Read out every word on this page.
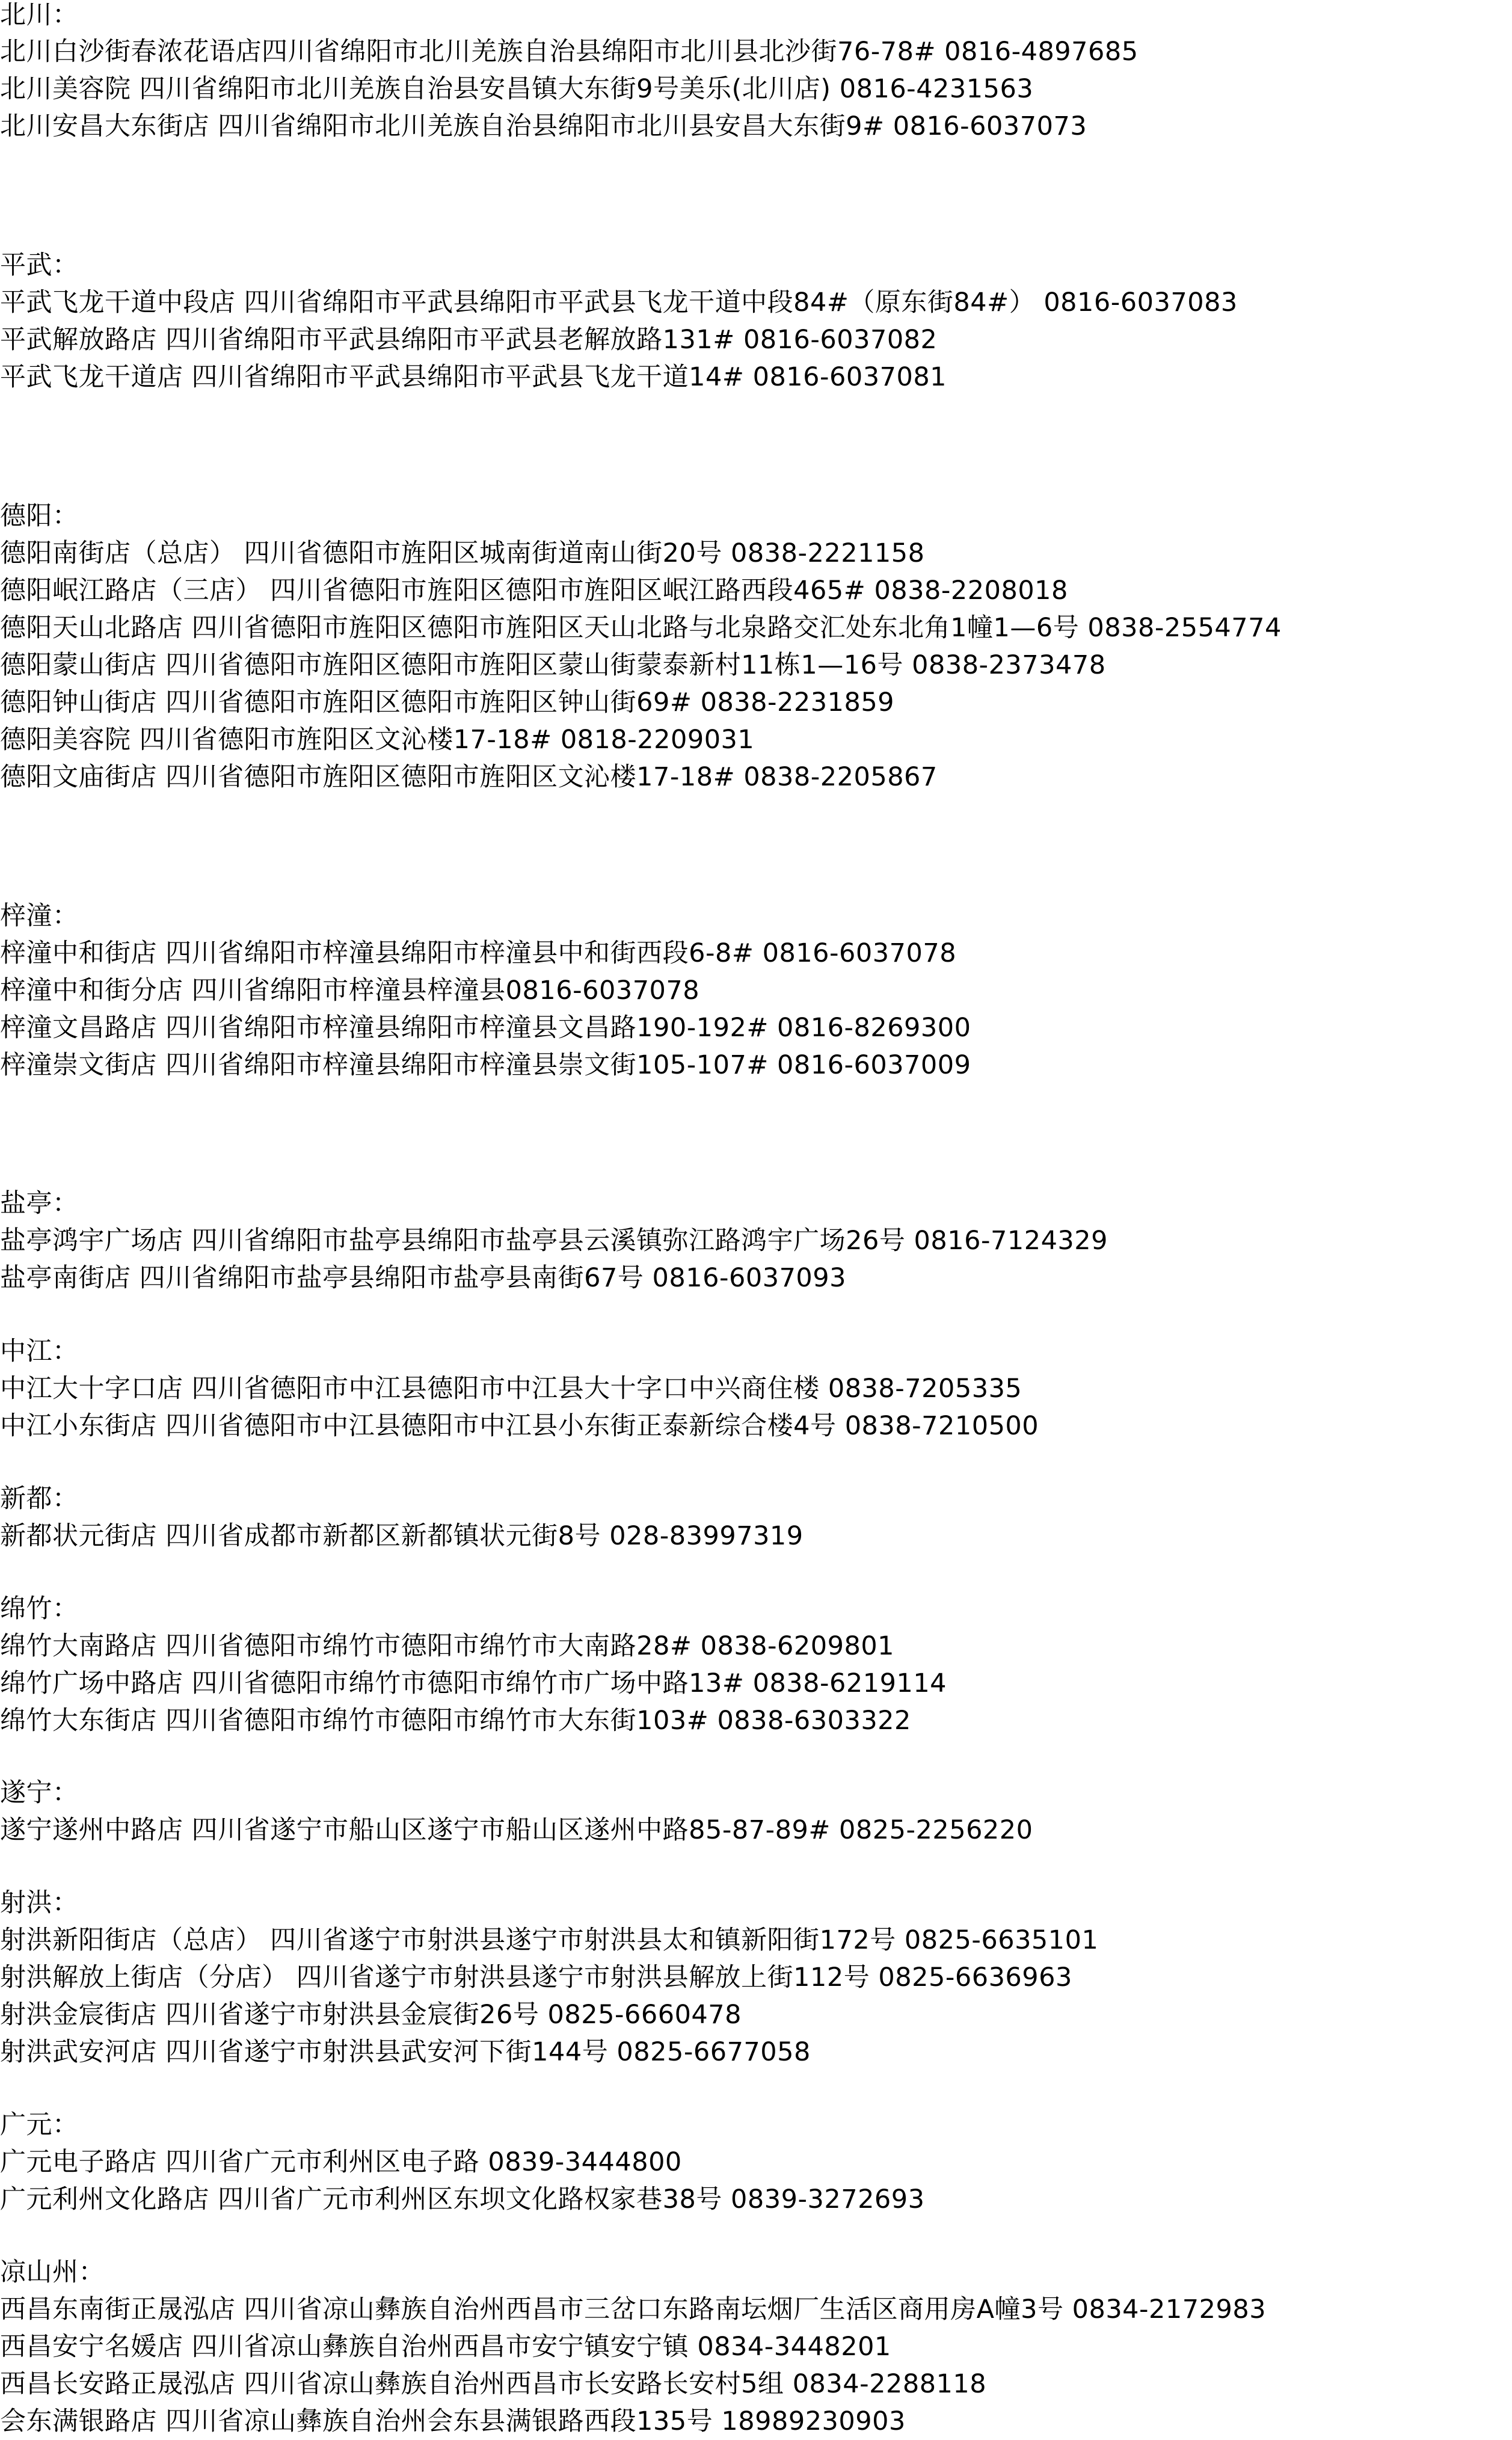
北川：

北川白沙街春浓花语店四川省绵阳市北川羌族自治县绵阳市北川县北沙街76-78# 0816-4897685

北川美容院 四川省绵阳市北川羌族自治县安昌镇大东街9号美乐(北川店) 0816-4231563

北川安昌大东街店 四川省绵阳市北川羌族自治县绵阳市北川县安昌大东街9# 0816-6037073

平武：

平武飞龙干道中段店 四川省绵阳市平武县绵阳市平武县飞龙干道中段84#（原东街84#） 0816-6037083

平武解放路店 四川省绵阳市平武县绵阳市平武县老解放路131# 0816-6037082

平武飞龙干道店 四川省绵阳市平武县绵阳市平武县飞龙干道14# 0816-6037081

德阳：

德阳南街店（总店） 四川省德阳市旌阳区城南街道南山街20号 0838-2221158

德阳岷江路店（三店） 四川省德阳市旌阳区德阳市旌阳区岷江路西段465# 0838-2208018

德阳天山北路店 四川省德阳市旌阳区德阳市旌阳区天山北路与北泉路交汇处东北角1幢1—6号 0838-2554774

德阳蒙山街店 四川省德阳市旌阳区德阳市旌阳区蒙山街蒙泰新村11栋1—16号 0838-2373478

德阳钟山街店 四川省德阳市旌阳区德阳市旌阳区钟山街69# 0838-2231859

德阳美容院 四川省德阳市旌阳区文沁楼17-18# 0818-2209031

德阳文庙街店 四川省德阳市旌阳区德阳市旌阳区文沁楼17-18# 0838-2205867

梓潼：

梓潼中和街店 四川省绵阳市梓潼县绵阳市梓潼县中和街西段6-8# 0816-6037078

梓潼中和街分店 四川省绵阳市梓潼县梓潼县0816-6037078

梓潼文昌路店 四川省绵阳市梓潼县绵阳市梓潼县文昌路190-192# 0816-8269300

梓潼崇文街店 四川省绵阳市梓潼县绵阳市梓潼县崇文街105-107# 0816-6037009

盐亭：

盐亭鸿宇广场店 四川省绵阳市盐亭县绵阳市盐亭县云溪镇弥江路鸿宇广场26号 0816-7124329

盐亭南街店 四川省绵阳市盐亭县绵阳市盐亭县南街67号 0816-6037093

中江：

中江大十字口店 四川省德阳市中江县德阳市中江县大十字口中兴商住楼 0838-7205335

中江小东街店 四川省德阳市中江县德阳市中江县小东街正泰新综合楼4号 0838-7210500

新都：

新都状元街店 四川省成都市新都区新都镇状元街8号 028-83997319

绵竹：

绵竹大南路店 四川省德阳市绵竹市德阳市绵竹市大南路28# 0838-6209801

绵竹广场中路店 四川省德阳市绵竹市德阳市绵竹市广场中路13# 0838-6219114

绵竹大东街店 四川省德阳市绵竹市德阳市绵竹市大东街103# 0838-6303322

遂宁：

遂宁遂州中路店 四川省遂宁市船山区遂宁市船山区遂州中路85-87-89# 0825-2256220

射洪：

射洪新阳街店（总店） 四川省遂宁市射洪县遂宁市射洪县太和镇新阳街172号 0825-6635101

射洪解放上街店（分店） 四川省遂宁市射洪县遂宁市射洪县解放上街112号 0825-6636963

射洪金宸街店 四川省遂宁市射洪县金宸街26号 0825-6660478

射洪武安河店 四川省遂宁市射洪县武安河下街144号 0825-6677058

广元：

广元电子路店 四川省广元市利州区电子路 0839-3444800

广元利州文化路店 四川省广元市利州区东坝文化路权家巷38号 0839-3272693

凉山州：

西昌东南街正晟泓店 四川省凉山彝族自治州西昌市三岔口东路南坛烟厂生活区商用房A幢3号 0834-2172983

西昌安宁名媛店 四川省凉山彝族自治州西昌市安宁镇安宁镇 0834-3448201

西昌长安路正晟泓店 四川省凉山彝族自治州西昌市长安路长安村5组 0834-2288118

会东满银路店 四川省凉山彝族自治州会东县满银路西段135号 18989230903
